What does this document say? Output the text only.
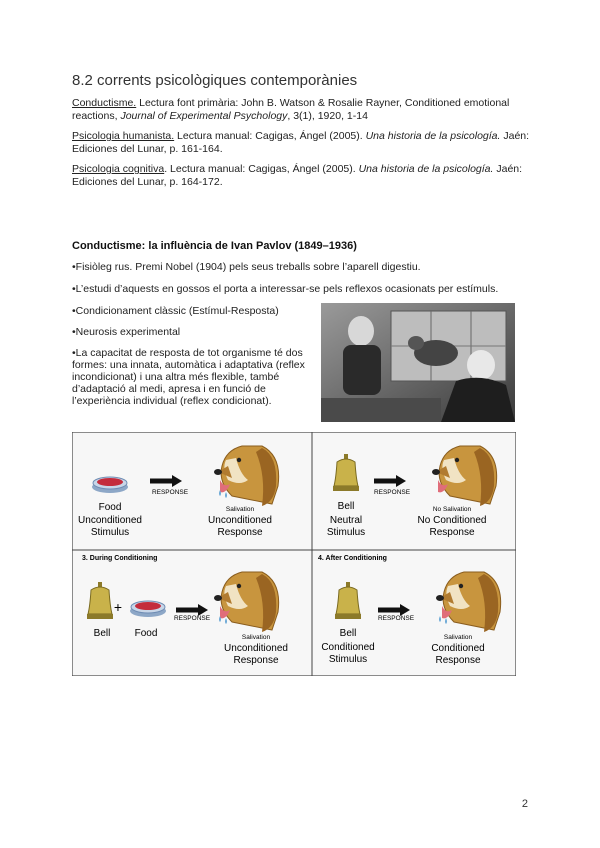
8.2 corrents psicològiques contemporànies
Conductisme. Lectura font primària: John B. Watson & Rosalie Rayner, Conditioned emotional reactions, Journal of Experimental Psychology, 3(1), 1920, 1-14
Psicologia humanista. Lectura manual: Cagigas, Ángel (2005). Una historia de la psicología. Jaén: Ediciones del Lunar, p. 161-164.
Psicologia cognitiva. Lectura manual: Cagigas, Ángel (2005). Una historia de la psicología. Jaén: Ediciones del Lunar, p. 164-172.
Conductisme: la influència de Ivan Pavlov (1849–1936)
•Fisiòleg rus. Premi Nobel (1904) pels seus treballs sobre l’aparell digestiu.
•L’estudi d’aquests en gossos el porta a interessar-se pels reflexos ocasionats per estímuls.
•Condicionament clàssic (Estímul-Resposta)
•Neurosis experimental
•La capacitat de resposta de tot organisme té dos formes: una innata, automàtica i adaptativa (reflex incondicionat) i una altra més flexible, també d’adaptació al medi, apresa i en funció de l’experiència individual (reflex condicionat).
RESPONSE
Food
Unconditioned Stimulus
Salivation
Unconditioned Response
RESPONSE
Bell
Neutral Stimulus
No Salivation
No Conditioned Response
3. During Conditioning
+
RESPONSE
Bell Food	Salivation
Unconditioned Response
4. After Conditioning
RESPONSE
Bell
Conditioned Stimulus
Salivation
Conditioned Response
2
